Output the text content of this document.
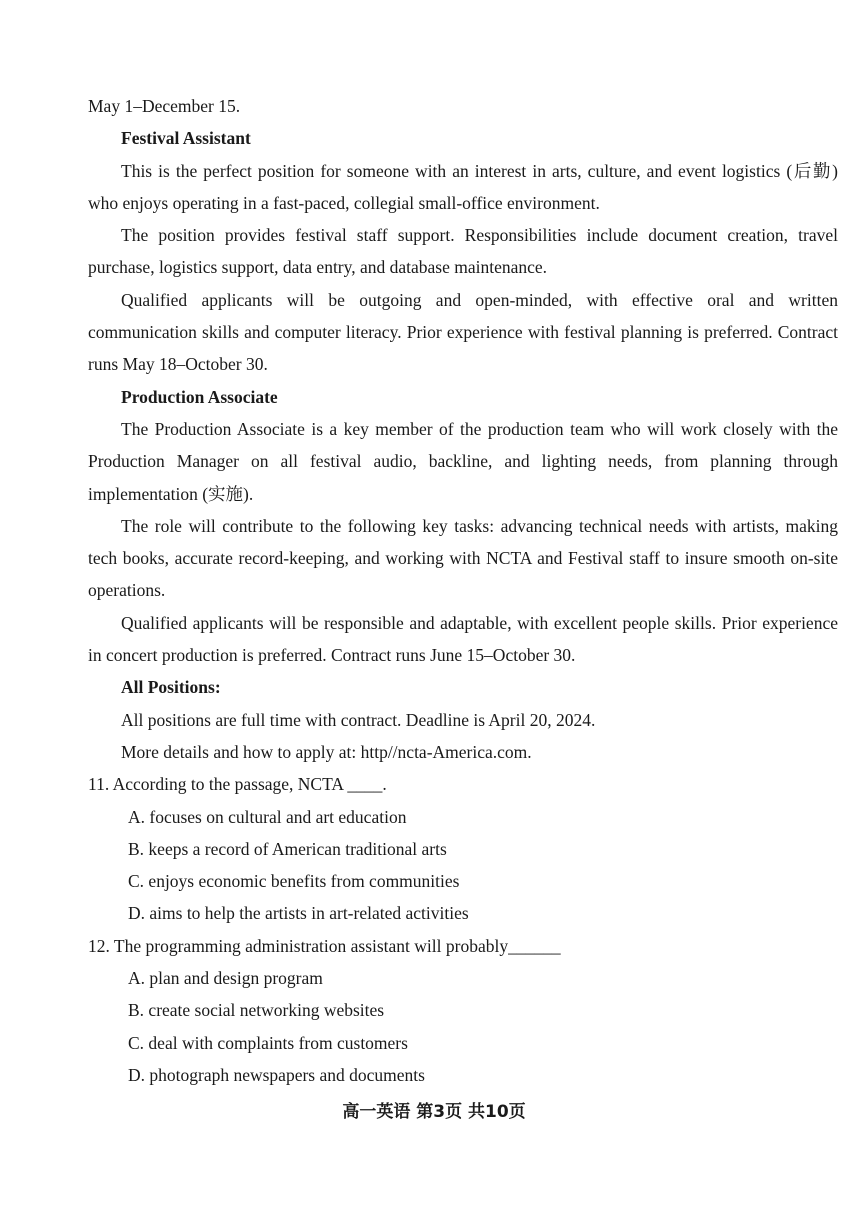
May 1–December 15.

Festival Assistant

This is the perfect position for someone with an interest in arts, culture, and event logistics (后勤) who enjoys operating in a fast-paced, collegial small-office environment.

The position provides festival staff support. Responsibilities include document creation, travel purchase, logistics support, data entry, and database maintenance.

Qualified applicants will be outgoing and open-minded, with effective oral and written communication skills and computer literacy. Prior experience with festival planning is preferred. Contract runs May 18–October 30.

Production Associate

The Production Associate is a key member of the production team who will work closely with the Production Manager on all festival audio, backline, and lighting needs, from planning through implementation (实施).

The role will contribute to the following key tasks: advancing technical needs with artists, making tech books, accurate record-keeping, and working with NCTA and Festival staff to insure smooth on-site operations.

Qualified applicants will be responsible and adaptable, with excellent people skills. Prior experience in concert production is preferred. Contract runs June 15–October 30.

All Positions:

All positions are full time with contract. Deadline is April 20, 2024.

More details and how to apply at: http//ncta-America.com.

11. According to the passage, NCTA ____.

A. focuses on cultural and art education

B. keeps a record of American traditional arts

C. enjoys economic benefits from communities

D. aims to help the artists in art-related activities

12. The programming administration assistant will probably______

A. plan and design program

B. create social networking websites

C. deal with complaints from customers

D. photograph newspapers and documents

高一英语 第3页 共10页
